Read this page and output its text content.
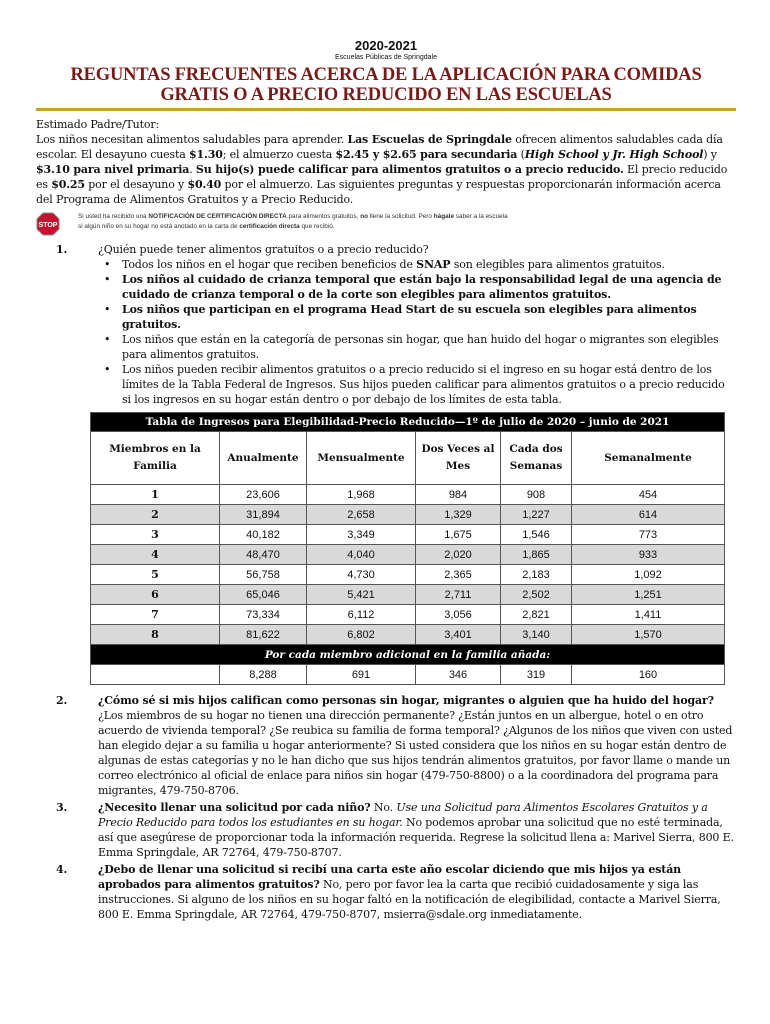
2020-2021
Escuelas Públicas de Springdale
REGUNTAS FRECUENTES ACERCA DE LA APLICACIÓN PARA COMIDAS
GRATIS O A PRECIO REDUCIDO EN LAS ESCUELAS
Estimado Padre/Tutor:
Los niños necesitan alimentos saludables para aprender. Las Escuelas de Springdale ofrecen alimentos saludables cada día escolar. El desayuno cuesta $1.30; el almuerzo cuesta $2.45 y $2.65 para secundaria (High School y Jr. High School) y $3.10 para nivel primaria. Su hijo(s) puede calificar para alimentos gratuitos o a precio reducido. El precio reducido es $0.25 por el desayuno y $0.40 por el almuerzo. Las siguientes preguntas y respuestas proporcionarán información acerca del Programa de Alimentos Gratuitos y a Precio Reducido.
STOP
Si usted ha recibido una NOTIFICACIÓN DE CERTIFICACIÓN DIRECTA para alimentos gratuitos, no llene la solicitud. Pero hágale saber a la escuela
si algún niño en su hogar no está anotado en la carta de certificación directa que recibió.
1.	¿Quién puede tener alimentos gratuitos o a precio reducido?
• Todos los niños en el hogar que reciben beneficios de SNAP son elegibles para alimentos gratuitos.
• Los niños al cuidado de crianza temporal que están bajo la responsabilidad legal de una agencia de cuidado de crianza temporal o de la corte son elegibles para alimentos gratuitos.
• Los niños que participan en el programa Head Start de su escuela son elegibles para alimentos gratuitos.
• Los niños que están en la categoría de personas sin hogar, que han huido del hogar o migrantes son elegibles para alimentos gratuitos.
• Los niños pueden recibir alimentos gratuitos o a precio reducido si el ingreso en su hogar está dentro de los límites de la Tabla Federal de Ingresos. Sus hijos pueden calificar para alimentos gratuitos o a precio reducido si los ingresos en su hogar están dentro o por debajo de los límites de esta tabla.
Tabla de Ingresos para Elegibilidad-Precio Reducido—1º de julio de 2020 – junio de 2021					
Miembros en la Familia	Anualmente	Mensualmente	Dos Veces al Mes	Cada dos Semanas	Semanalmente
1	23,606	1,968	984	908	454
2	31,894	2,658	1,329	1,227	614
3	40,182	3,349	1,675	1,546	773
4	48,470	4,040	2,020	1,865	933
5	56,758	4,730	2,365	2,183	1,092
6	65,046	5,421	2,711	2,502	1,251
7	73,334	6,112	3,056	2,821	1,411
8	81,622	6,802	3,401	3,140	1,570
Por cada miembro adicional en la familia añada:					
	8,288	691	346	319	160
2.	¿Cómo sé si mis hijos califican como personas sin hogar, migrantes o alguien que ha huido del hogar?
¿Los miembros de su hogar no tienen una dirección permanente? ¿Están juntos en un albergue, hotel o en otro acuerdo de vivienda temporal? ¿Se reubica su familia de forma temporal? ¿Algunos de los niños que viven con usted han elegido dejar a su familia u hogar anteriormente? Si usted considera que los niños en su hogar están dentro de algunas de estas categorías y no le han dicho que sus hijos tendrán alimentos gratuitos, por favor llame o mande un correo electrónico al oficial de enlace para niños sin hogar (479-750-8800) o a la coordinadora del programa para migrantes, 479-750-8706.
3.	¿Necesito llenar una solicitud por cada niño? No. Use una Solicitud para Alimentos Escolares Gratuitos y a Precio Reducido para todos los estudiantes en su hogar. No podemos aprobar una solicitud que no esté terminada, así que asegúrese de proporcionar toda la información requerida. Regrese la solicitud llena a: Marivel Sierra, 800 E. Emma Springdale, AR 72764, 479-750-8707.
4.	¿Debo de llenar una solicitud si recibí una carta este año escolar diciendo que mis hijos ya están aprobados para alimentos gratuitos? No, pero por favor lea la carta que recibió cuidadosamente y siga las instrucciones. Si alguno de los niños en su hogar faltó en la notificación de elegibilidad, contacte a Marivel Sierra, 800 E. Emma Springdale, AR 72764, 479-750-8707, msierra@sdale.org inmediatamente.
